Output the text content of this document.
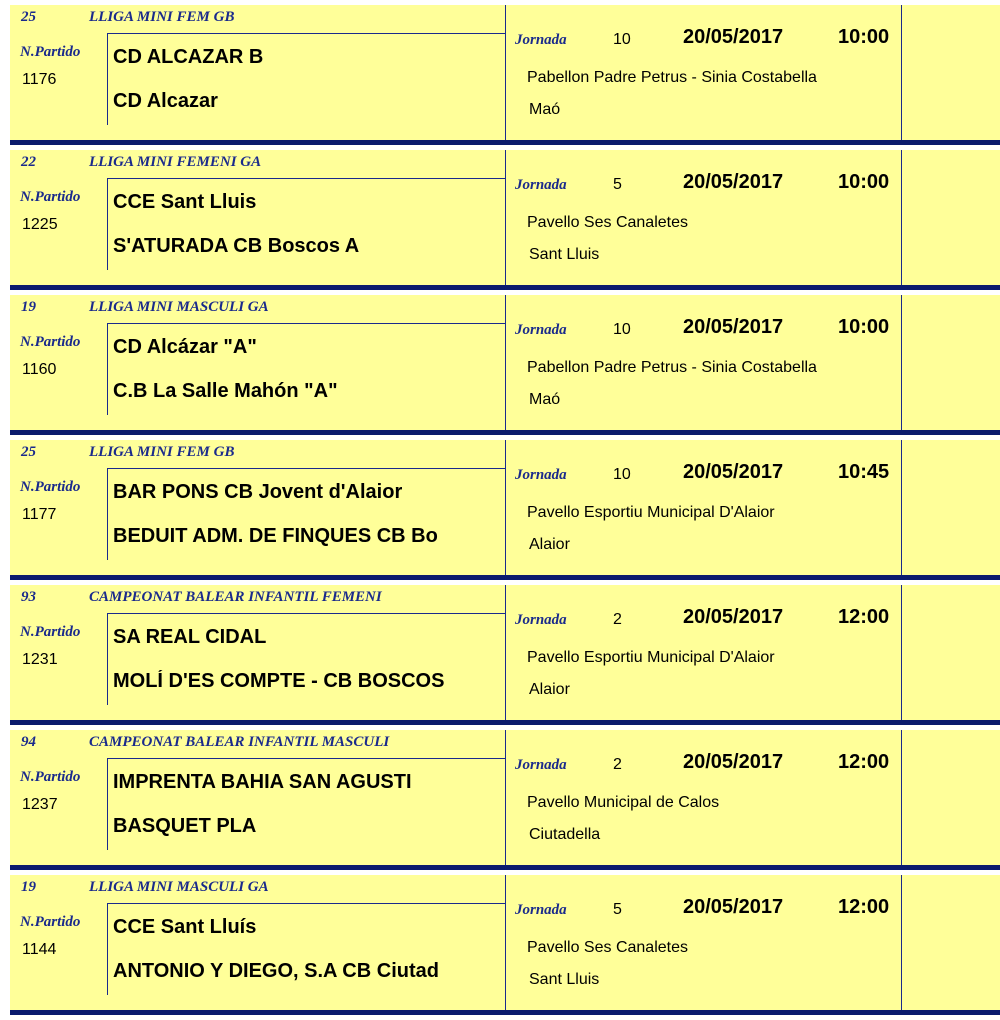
25	LLIGA MINI FEM GB
N.Partido
1176
CD ALCAZAR B
CD Alcazar
Jornada	10	20/05/2017	10:00
Pabellon Padre Petrus - Sinia Costabella
Maó
22	LLIGA MINI FEMENI GA
N.Partido
1225
CCE Sant Lluis
S'ATURADA CB Boscos A
Jornada	5	20/05/2017	10:00
Pavello Ses Canaletes
Sant Lluis
19	LLIGA MINI MASCULI GA
N.Partido
1160
CD Alcázar "A"
C.B La Salle Mahón "A"
Jornada	10	20/05/2017	10:00
Pabellon Padre Petrus - Sinia Costabella
Maó
25	LLIGA MINI FEM GB
N.Partido
1177
BAR PONS CB Jovent d'Alaior
BEDUIT ADM. DE FINQUES CB Bo
Jornada	10	20/05/2017	10:45
Pavello Esportiu Municipal D'Alaior
Alaior
93	CAMPEONAT BALEAR INFANTIL FEMENI
N.Partido
1231
SA REAL CIDAL
MOLÍ D'ES COMPTE - CB BOSCOS
Jornada	2	20/05/2017	12:00
Pavello Esportiu Municipal D'Alaior
Alaior
94	CAMPEONAT BALEAR INFANTIL MASCULI
N.Partido
1237
IMPRENTA BAHIA SAN AGUSTI
BASQUET PLA
Jornada	2	20/05/2017	12:00
Pavello Municipal de Calos
Ciutadella
19	LLIGA MINI MASCULI GA
N.Partido
1144
CCE Sant Lluís
ANTONIO Y DIEGO, S.A CB Ciutad
Jornada	5	20/05/2017	12:00
Pavello Ses Canaletes
Sant Lluis
